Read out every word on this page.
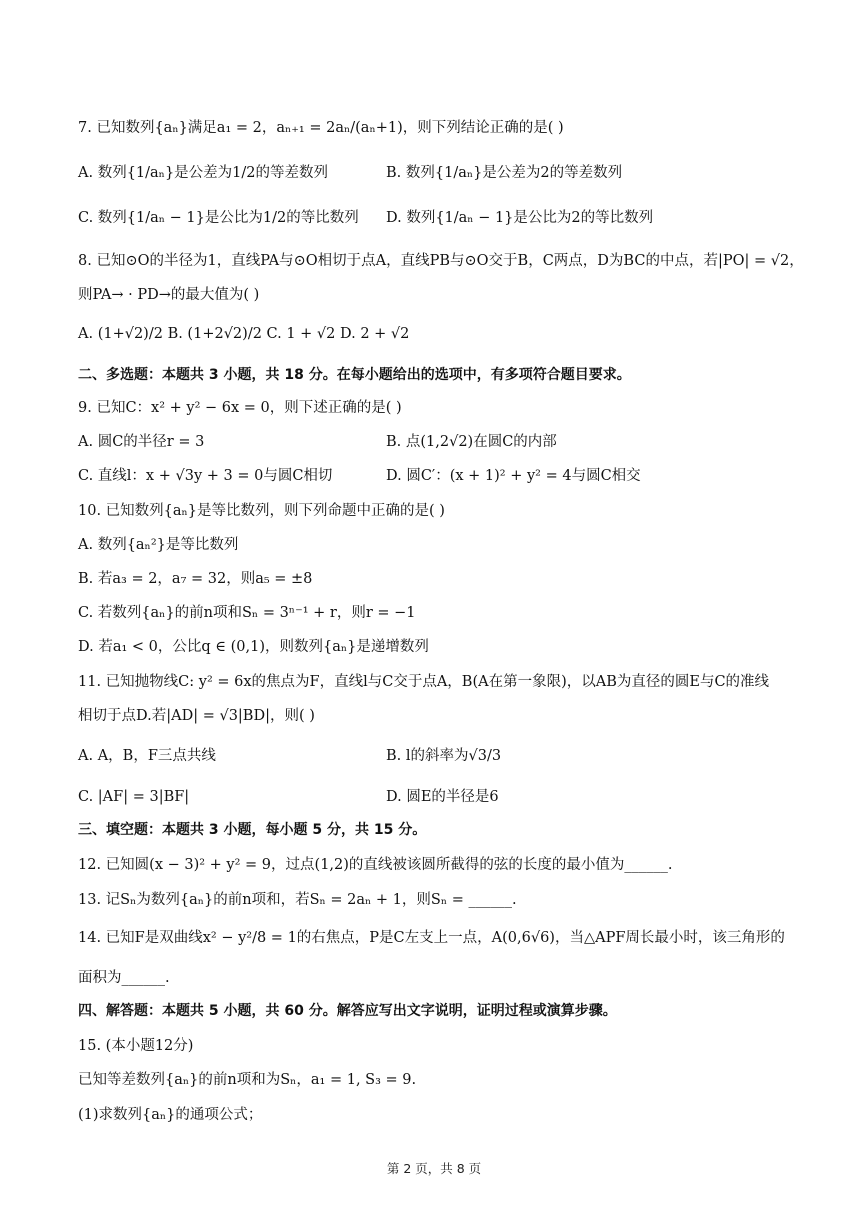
7. 已知数列{aₙ}满足a₁ = 2，aₙ₊₁ = 2aₙ/(aₙ+1)，则下列结论正确的是( )
A. 数列{1/aₙ}是公差为1/2的等差数列	B. 数列{1/aₙ}是公差为2的等差数列
C. 数列{1/aₙ − 1}是公比为1/2的等比数列 D. 数列{1/aₙ − 1}是公比为2的等比数列
8. 已知⊙O的半径为1，直线PA与⊙O相切于点A，直线PB与⊙O交于B，C两点，D为BC的中点，若|PO| = √2，
则PA→ · PD→的最大值为( )
A. (1+√2)/2 B. (1+2√2)/2 C. 1 + √2 D. 2 + √2
二、多选题：本题共 3 小题，共 18 分。在每小题给出的选项中，有多项符合题目要求。
9. 已知C：x² + y² − 6x = 0，则下述正确的是( )
A. 圆C的半径r = 3	B. 点(1,2√2)在圆C的内部
C. 直线l：x + √3y + 3 = 0与圆C相切	D. 圆C′：(x + 1)² + y² = 4与圆C相交
10. 已知数列{aₙ}是等比数列，则下列命题中正确的是( )
A. 数列{aₙ²}是等比数列
B. 若a₃ = 2，a₇ = 32，则a₅ = ±8
C. 若数列{aₙ}的前n项和Sₙ = 3ⁿ⁻¹ + r，则r = −1
D. 若a₁ < 0，公比q ∈ (0,1)，则数列{aₙ}是递增数列
11. 已知抛物线C: y² = 6x的焦点为F，直线l与C交于点A，B(A在第一象限)，以AB为直径的圆E与C的准线
相切于点D.若|AD| = √3|BD|，则( )
A. A，B，F三点共线	B. l的斜率为√3/3
C. |AF| = 3|BF|	D. 圆E的半径是6
三、填空题：本题共 3 小题，每小题 5 分，共 15 分。
12. 已知圆(x − 3)² + y² = 9，过点(1,2)的直线被该圆所截得的弦的长度的最小值为______.
13. 记Sₙ为数列{aₙ}的前n项和，若Sₙ = 2aₙ + 1，则Sₙ = ______.
14. 已知F是双曲线x² − y²/8 = 1的右焦点，P是C左支上一点，A(0,6√6)，当△APF周长最小时，该三角形的
面积为______.
四、解答题：本题共 5 小题，共 60 分。解答应写出文字说明，证明过程或演算步骤。
15. (本小题12分)
已知等差数列{aₙ}的前n项和为Sₙ，a₁ = 1, S₃ = 9.
(1)求数列{aₙ}的通项公式；
第 2 页，共 8 页
